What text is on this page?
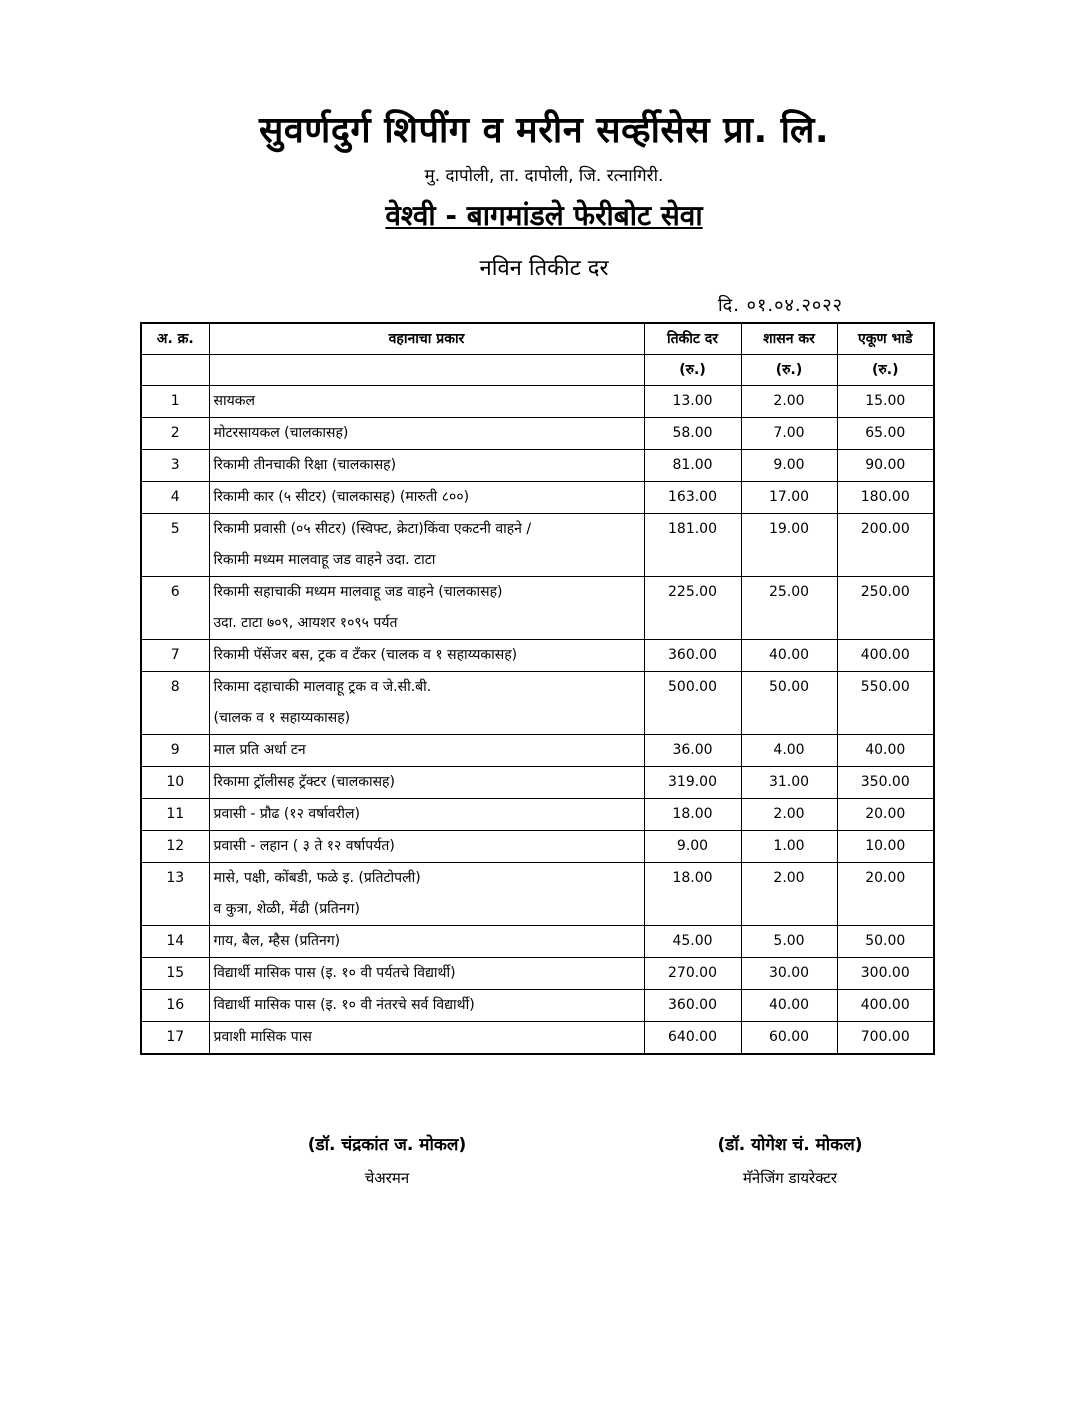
सुवर्णदुर्ग शिपींग व मरीन सर्व्हीसेस प्रा. लि.
मु. दापोली, ता. दापोली, जि. रत्नागिरी.
वेश्वी - बागमांडले फेरीबोट सेवा
नविन तिकीट दर
दि. ०१.०४.२०२२
अ. क्र.	वहानाचा प्रकार	तिकीट दर	शासन कर	एकूण भाडे
		(रु.)	(रु.)	(रु.)
1	सायकल	13.00	2.00	15.00
2	मोटरसायकल (चालकासह)	58.00	7.00	65.00
3	रिकामी तीनचाकी रिक्षा (चालकासह)	81.00	9.00	90.00
4	रिकामी कार (५ सीटर) (चालकासह) (मारुती ८००)	163.00	17.00	180.00
5	रिकामी प्रवासी (०५ सीटर) (स्विफ्ट, क्रेटा)किंवा एकटनी वाहने /
रिकामी मध्यम मालवाहू जड वाहने उदा. टाटा	181.00	19.00	200.00
6	रिकामी सहाचाकी मध्यम मालवाहू जड वाहने (चालकासह)
उदा. टाटा ७०९, आयशर १०९५ पर्यत	225.00	25.00	250.00
7	रिकामी पॅसेंजर बस, ट्रक व टँकर (चालक व १ सहाय्यकासह)	360.00	40.00	400.00
8	रिकामा दहाचाकी मालवाहू ट्रक व जे.सी.बी.
(चालक व १ सहाय्यकासह)	500.00	50.00	550.00
9	माल प्रति अर्धा टन	36.00	4.00	40.00
10	रिकामा ट्रॉलीसह ट्रॅक्टर (चालकासह)	319.00	31.00	350.00
11	प्रवासी - प्रौढ (१२ वर्षावरील)	18.00	2.00	20.00
12	प्रवासी - लहान ( ३ ते १२ वर्षापर्यत)	9.00	1.00	10.00
13	मासे, पक्षी, कोंबडी, फळे इ. (प्रतिटोपली)
व कुत्रा, शेळी, मेंढी (प्रतिनग)	18.00	2.00	20.00
14	गाय, बैल, म्हैस (प्रतिनग)	45.00	5.00	50.00
15	विद्यार्थी मासिक पास (इ. १० वी पर्यतचे विद्यार्थी)	270.00	30.00	300.00
16	विद्यार्थी मासिक पास (इ. १० वी नंतरचे सर्व विद्यार्थी)	360.00	40.00	400.00
17	प्रवाशी मासिक पास	640.00	60.00	700.00
(डॉ. चंद्रकांत ज. मोकल)
चेअरमन
(डॉ. योगेश चं. मोकल)
मॅनेजिंग डायरेक्टर
